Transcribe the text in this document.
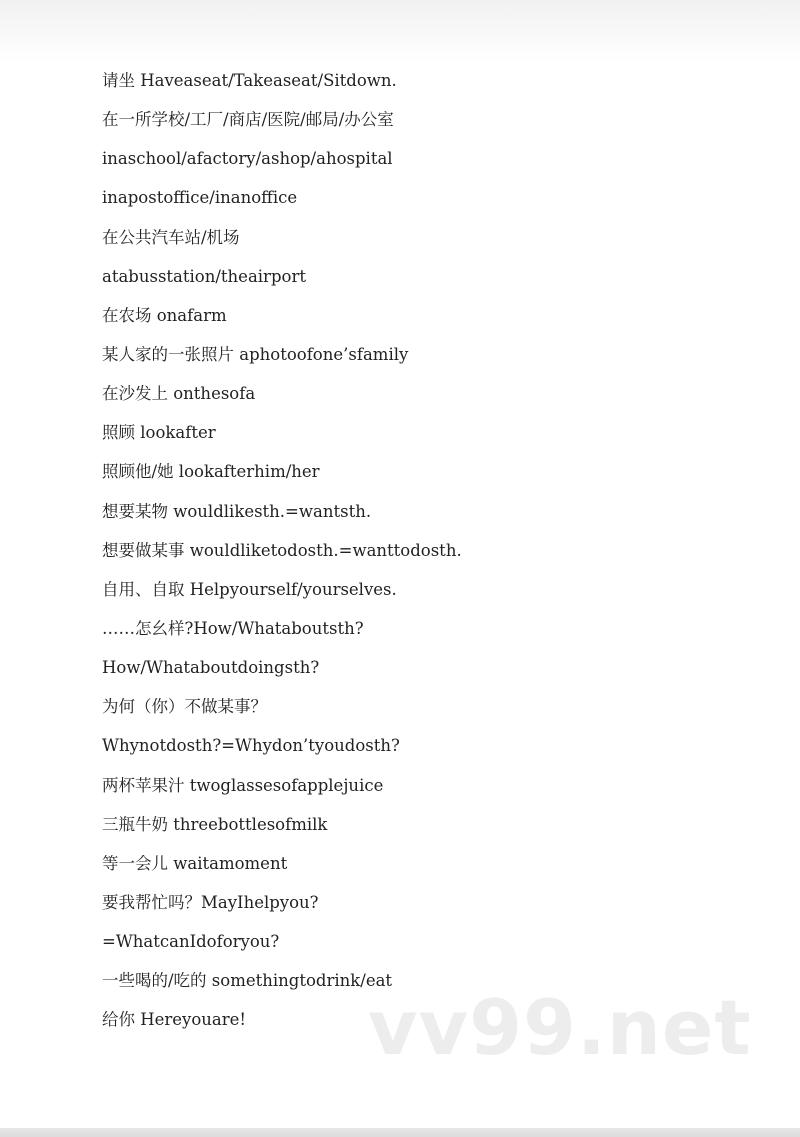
请坐 Haveaseat/Takeaseat/Sitdown.
在一所学校/工厂/商店/医院/邮局/办公室
inaschool/afactory/ashop/ahospital
inapostoffice/inanoffice
在公共汽车站/机场
atabusstation/theairport
在农场 onafarm
某人家的一张照片 aphotoofone’sfamily
在沙发上 onthesofa
照顾 lookafter
照顾他/她 lookafterhim/her
想要某物 wouldlikesth.=wantsth.
想要做某事 wouldliketodosth.=wanttodosth.
自用、自取 Helpyourself/yourselves.
……怎幺样?How/Whataboutsth?
How/Whataboutdoingsth?
为何（你）不做某事？
Whynotdosth?=Whydon’tyoudosth?
两杯苹果汁 twoglassesofapplejuice
三瓶牛奶 threebottlesofmilk
等一会儿 waitamoment
要我帮忙吗？MayIhelpyou?
=WhatcanIdoforyou?
一些喝的/吃的 somethingtodrink/eat
给你 Hereyouare!	vv99.net
